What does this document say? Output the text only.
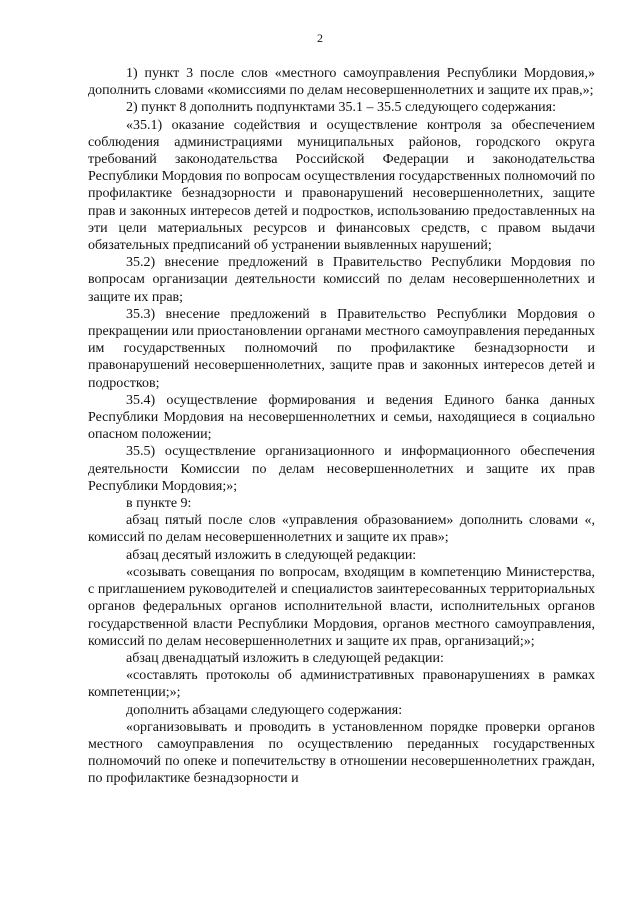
2

1) пункт 3 после слов «местного самоуправления Республики Мордовия,» дополнить словами «комиссиями по делам несовершеннолетних и защите их прав,»;

2) пункт 8 дополнить подпунктами 35.1 – 35.5 следующего содержания:

«35.1) оказание содействия и осуществление контроля за обеспечением соблюдения администрациями муниципальных районов, городского округа требований законодательства Российской Федерации и законодательства Республики Мордовия по вопросам осуществления государственных полномочий по профилактике безнадзорности и правонарушений несовершеннолетних, защите прав и законных интересов детей и подростков, использованию предоставленных на эти цели материальных ресурсов и финансовых средств, с правом выдачи обязательных предписаний об устранении выявленных нарушений;

35.2) внесение предложений в Правительство Республики Мордовия по вопросам организации деятельности комиссий по делам несовершеннолетних и защите их прав;

35.3) внесение предложений в Правительство Республики Мордовия о прекращении или приостановлении органами местного самоуправления переданных им государственных полномочий по профилактике безнадзорности и правонарушений несовершеннолетних, защите прав и законных интересов детей и подростков;

35.4) осуществление формирования и ведения Единого банка данных Республики Мордовия на несовершеннолетних и семьи, находящиеся в социально опасном положении;

35.5) осуществление организационного и информационного обеспечения деятельности Комиссии по делам несовершеннолетних и защите их прав Республики Мордовия;»;

в пункте 9:

абзац пятый после слов «управления образованием» дополнить словами «, комиссий по делам несовершеннолетних и защите их прав»;

абзац десятый изложить в следующей редакции:

«созывать совещания по вопросам, входящим в компетенцию Министерства, с приглашением руководителей и специалистов заинтересованных территориальных органов федеральных органов исполнительной власти, исполнительных органов государственной власти Республики Мордовия, органов местного самоуправления, комиссий по делам несовершеннолетних и защите их прав, организаций;»;

абзац двенадцатый изложить в следующей редакции:

«составлять протоколы об административных правонарушениях в рамках компетенции;»;

дополнить абзацами следующего содержания:

«организовывать и проводить в установленном порядке проверки органов местного самоуправления по осуществлению переданных государственных полномочий по опеке и попечительству в отношении несовершеннолетних граждан, по профилактике безнадзорности и
